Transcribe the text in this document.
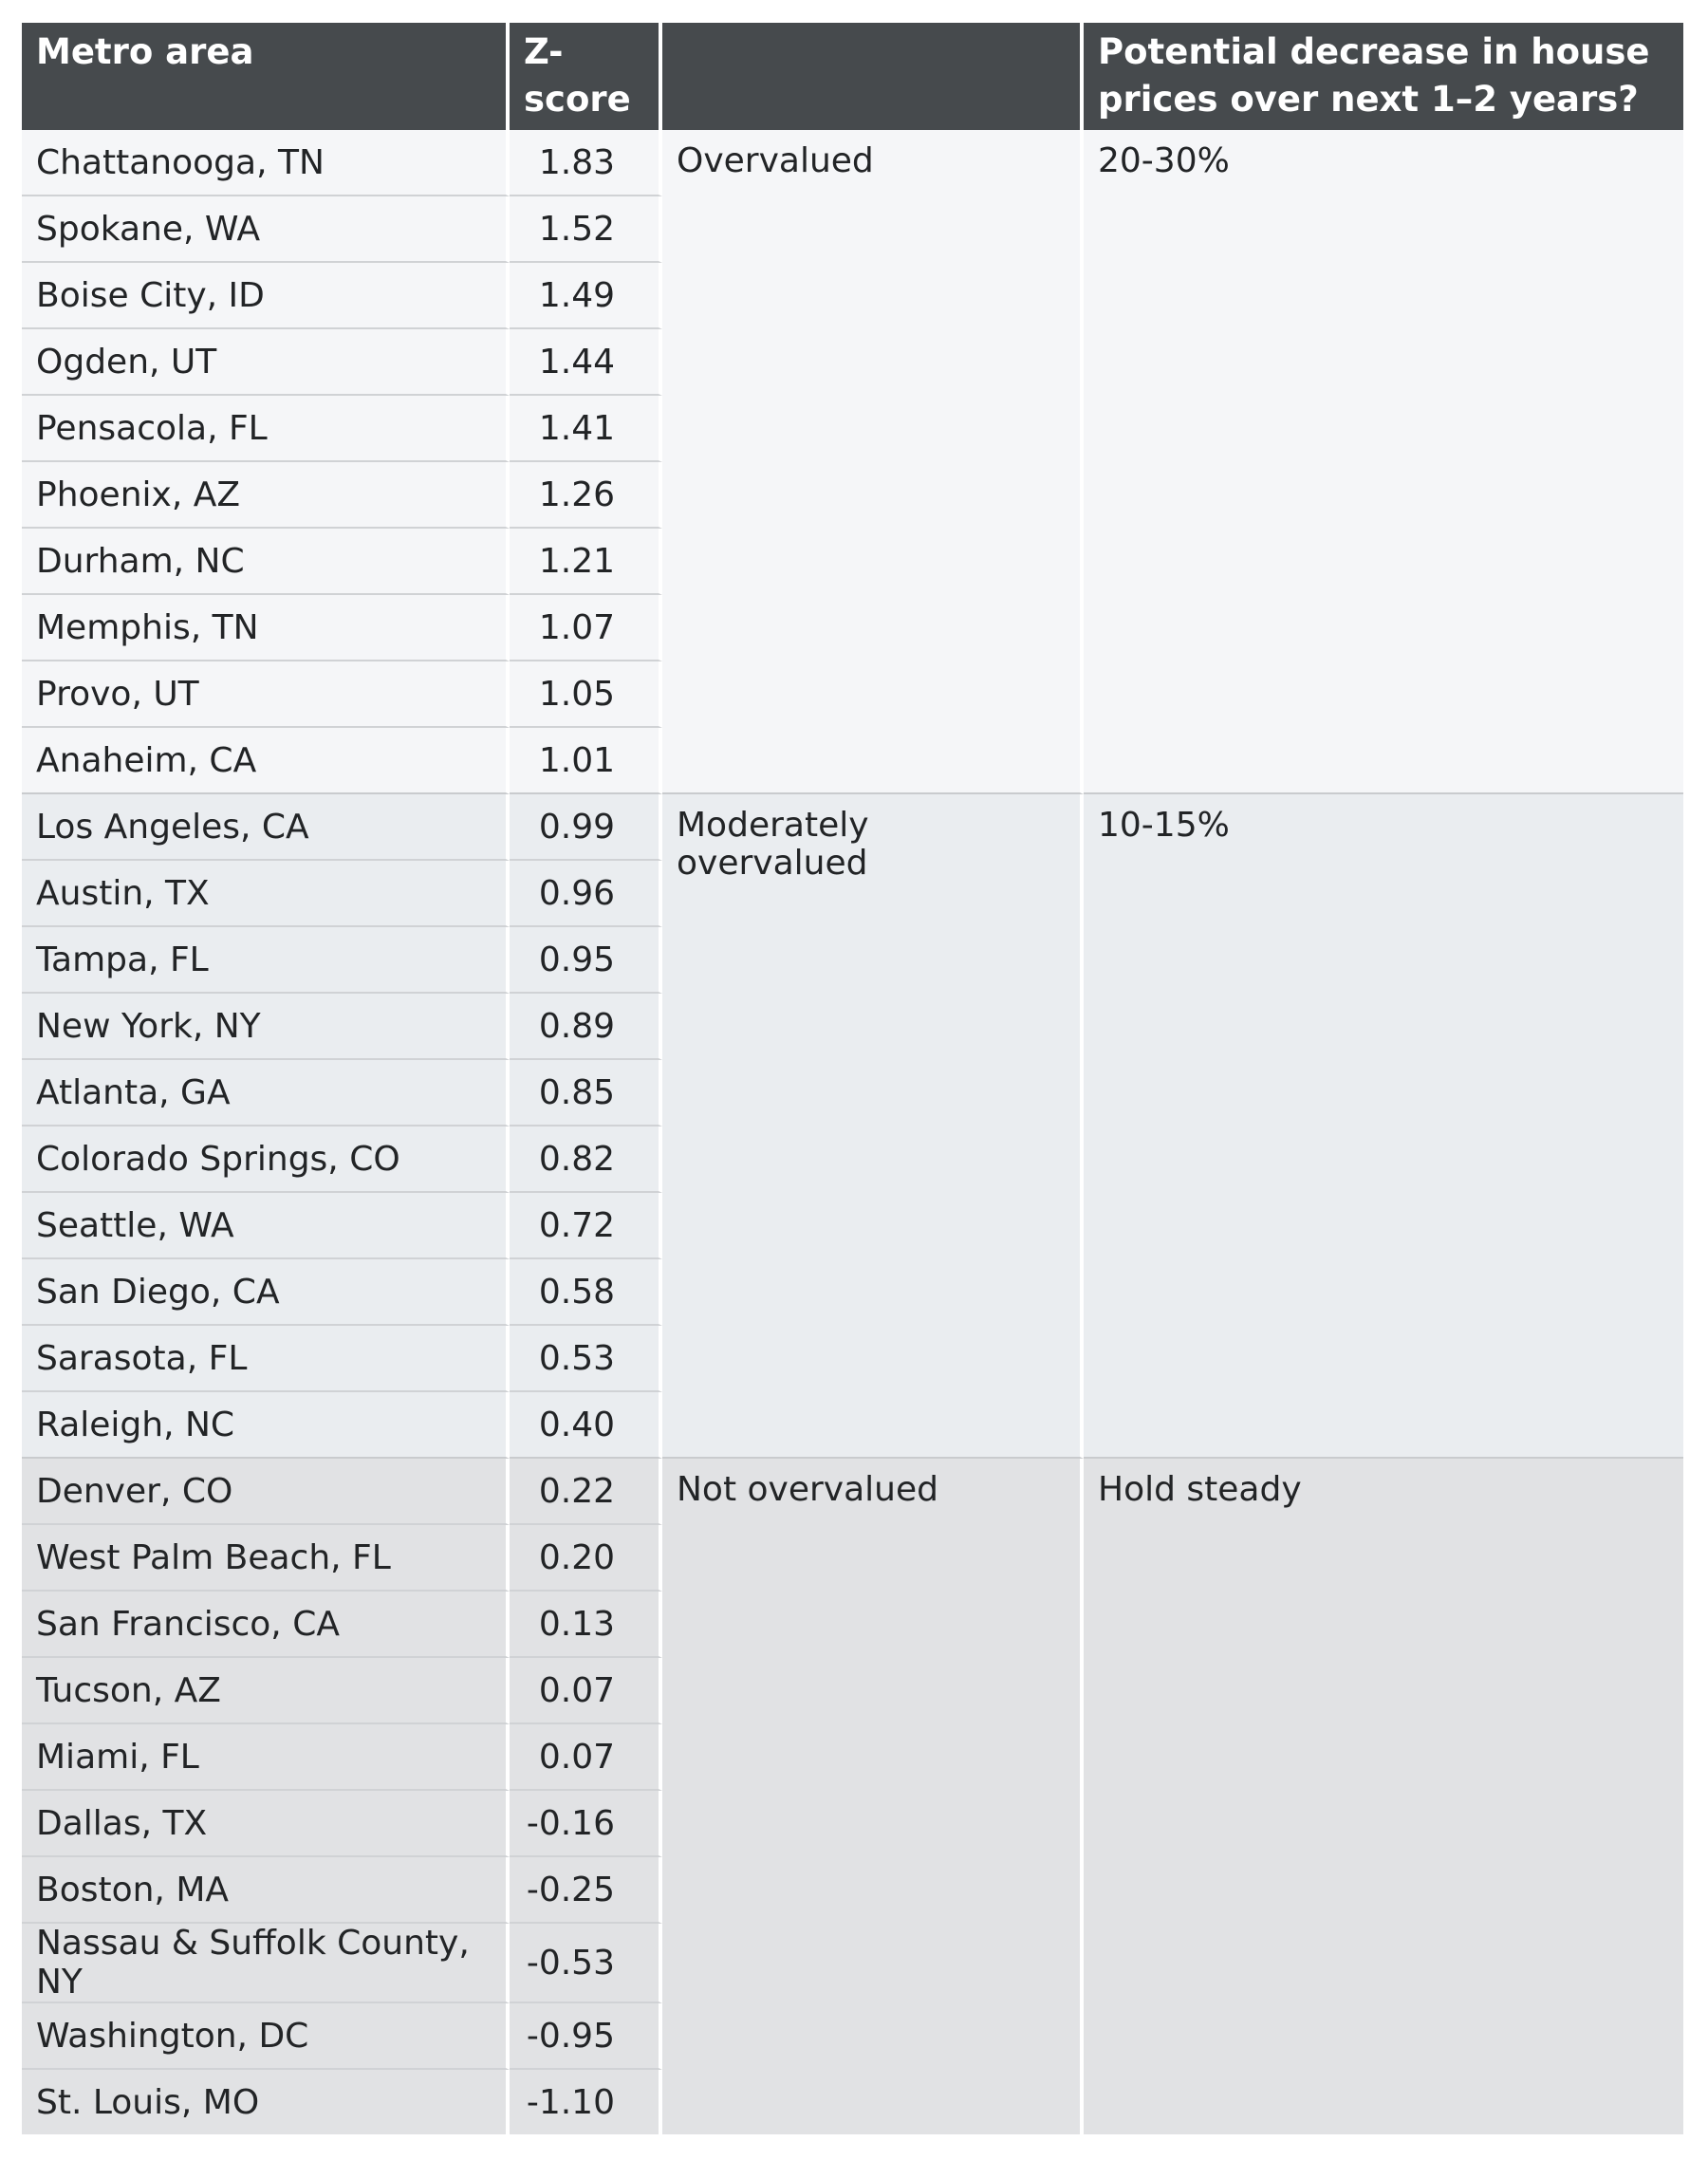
Metro area	Z-score		Potential decrease in house prices over next 1–2 years?
Chattanooga, TN	1.83	Overvalued	20-30%
Spokane, WA	1.52		
Boise City, ID	1.49		
Ogden, UT	1.44		
Pensacola, FL	1.41		
Phoenix, AZ	1.26		
Durham, NC	1.21		
Memphis, TN	1.07		
Provo, UT	1.05		
Anaheim, CA	1.01		
Los Angeles, CA	0.99	Moderately overvalued	10-15%
Austin, TX	0.96		
Tampa, FL	0.95		
New York, NY	0.89		
Atlanta, GA	0.85		
Colorado Springs, CO	0.82		
Seattle, WA	0.72		
San Diego, CA	0.58		
Sarasota, FL	0.53		
Raleigh, NC	0.40		
Denver, CO	0.22	Not overvalued	Hold steady
West Palm Beach, FL	0.20		
San Francisco, CA	0.13		
Tucson, AZ	0.07		
Miami, FL	0.07		
Dallas, TX	-0.16		
Boston, MA	-0.25		
Nassau & Suffolk County, NY	-0.53		
Washington, DC	-0.95		
St. Louis, MO	-1.10		
